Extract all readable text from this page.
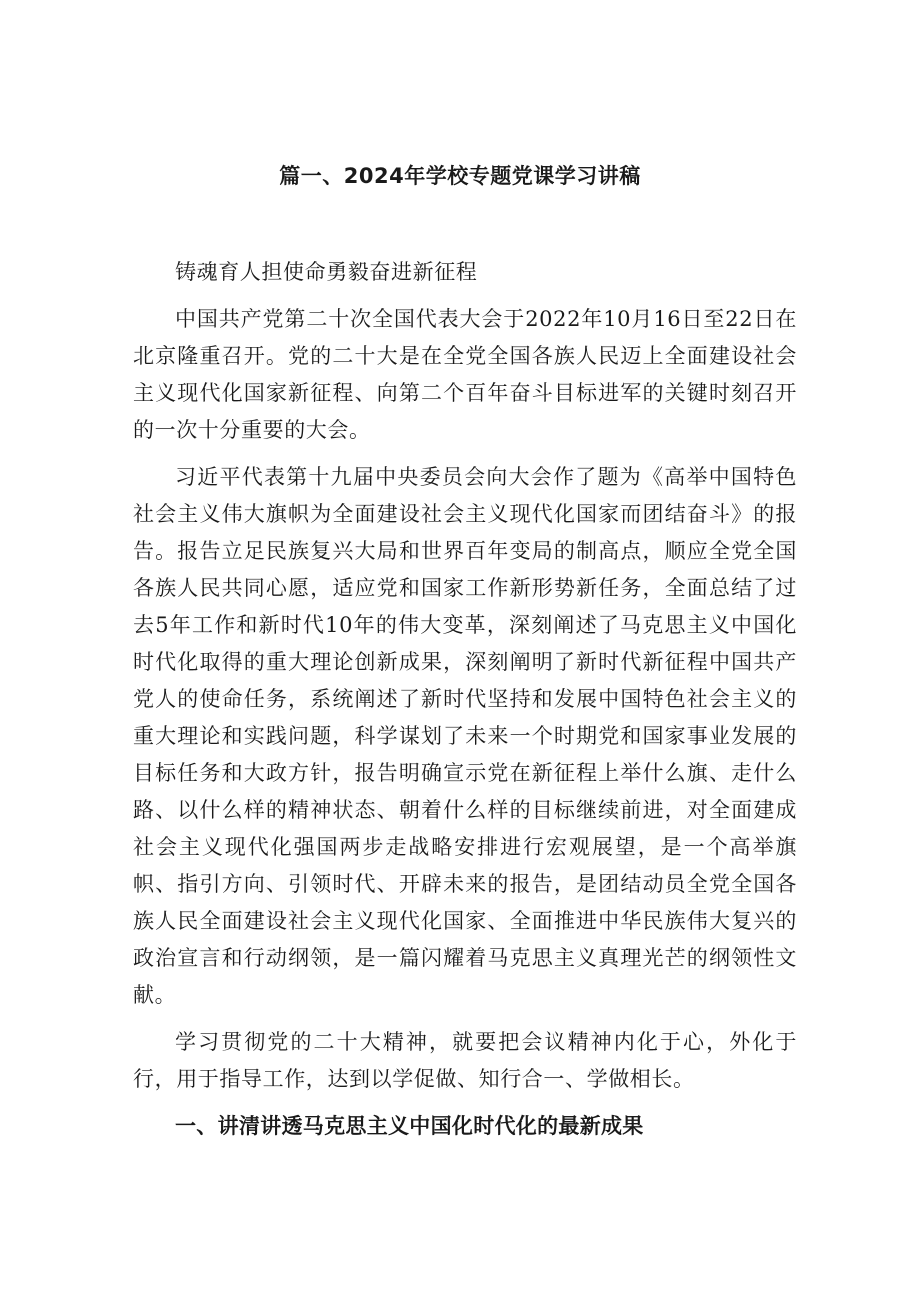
篇一、2024年学校专题党课学习讲稿

铸魂育人担使命勇毅奋进新征程

中国共产党第二十次全国代表大会于2022年10月16日至22日在北京隆重召开。党的二十大是在全党全国各族人民迈上全面建设社会主义现代化国家新征程、向第二个百年奋斗目标进军的关键时刻召开的一次十分重要的大会。

习近平代表第十九届中央委员会向大会作了题为《高举中国特色社会主义伟大旗帜为全面建设社会主义现代化国家而团结奋斗》的报告。报告立足民族复兴大局和世界百年变局的制高点，顺应全党全国各族人民共同心愿，适应党和国家工作新形势新任务，全面总结了过去5年工作和新时代10年的伟大变革，深刻阐述了马克思主义中国化时代化取得的重大理论创新成果，深刻阐明了新时代新征程中国共产党人的使命任务，系统阐述了新时代坚持和发展中国特色社会主义的重大理论和实践问题，科学谋划了未来一个时期党和国家事业发展的目标任务和大政方针，报告明确宣示党在新征程上举什么旗、走什么路、以什么样的精神状态、朝着什么样的目标继续前进，对全面建成社会主义现代化强国两步走战略安排进行宏观展望，是一个高举旗帜、指引方向、引领时代、开辟未来的报告，是团结动员全党全国各族人民全面建设社会主义现代化国家、全面推进中华民族伟大复兴的政治宣言和行动纲领，是一篇闪耀着马克思主义真理光芒的纲领性文献。

学习贯彻党的二十大精神，就要把会议精神内化于心，外化于行，用于指导工作，达到以学促做、知行合一、学做相长。

一、讲清讲透马克思主义中国化时代化的最新成果
